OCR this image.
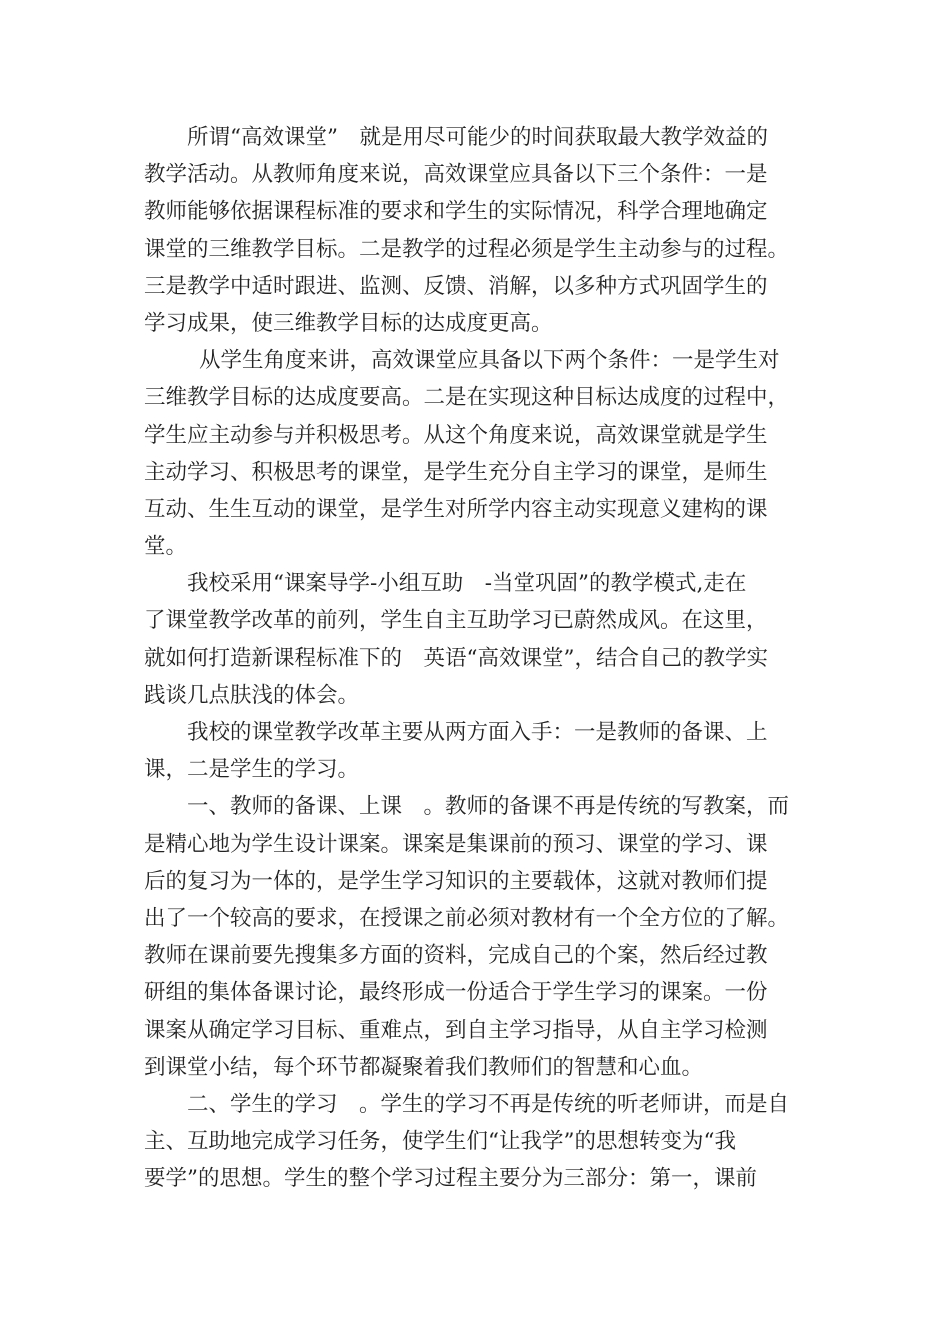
所谓“高效课堂”　就是用尽可能少的时间获取最大教学效益的
教学活动。从教师角度来说，高效课堂应具备以下三个条件：一是
教师能够依据课程标准的要求和学生的实际情况，科学合理地确定
课堂的三维教学目标。二是教学的过程必须是学生主动参与的过程。
三是教学中适时跟进、监测、反馈、消解，以多种方式巩固学生的
学习成果，使三维教学目标的达成度更高。
从学生角度来讲，高效课堂应具备以下两个条件：一是学生对
三维教学目标的达成度要高。二是在实现这种目标达成度的过程中，
学生应主动参与并积极思考。从这个角度来说，高效课堂就是学生
主动学习、积极思考的课堂，是学生充分自主学习的课堂，是师生
互动、生生互动的课堂，是学生对所学内容主动实现意义建构的课
堂。
我校采用“课案导学-小组互助　-当堂巩固”的教学模式,走在
了课堂教学改革的前列，学生自主互助学习已蔚然成风。在这里，
就如何打造新课程标准下的　英语“高效课堂”，结合自己的教学实
践谈几点肤浅的体会。
我校的课堂教学改革主要从两方面入手：一是教师的备课、上
课，二是学生的学习。
一、教师的备课、上课　。教师的备课不再是传统的写教案，而
是精心地为学生设计课案。课案是集课前的预习、课堂的学习、课
后的复习为一体的，是学生学习知识的主要载体，这就对教师们提
出了一个较高的要求，在授课之前必须对教材有一个全方位的了解。
教师在课前要先搜集多方面的资料，完成自己的个案，然后经过教
研组的集体备课讨论，最终形成一份适合于学生学习的课案。一份
课案从确定学习目标、重难点，到自主学习指导，从自主学习检测
到课堂小结，每个环节都凝聚着我们教师们的智慧和心血。
二、学生的学习　。学生的学习不再是传统的听老师讲，而是自
主、互助地完成学习任务，使学生们“让我学”的思想转变为“我
要学”的思想。学生的整个学习过程主要分为三部分：第一，课前
